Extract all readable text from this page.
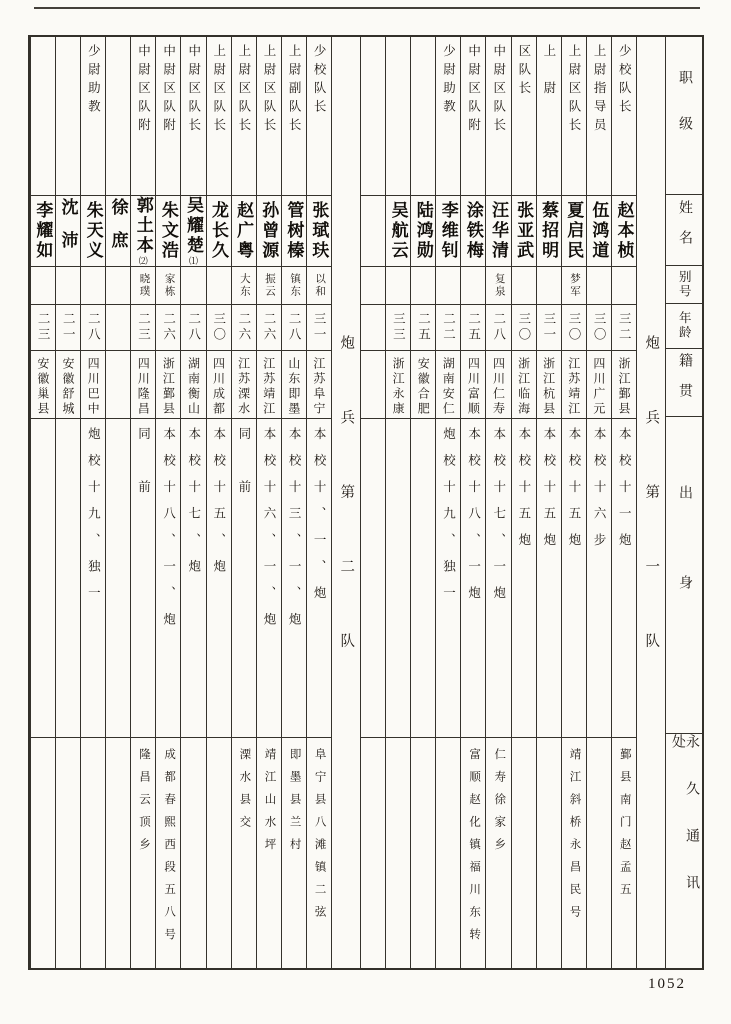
职级
姓名
别号
年龄
籍贯
出身
永久通讯处
炮兵第一队
少校队长
赵本桢
三二
浙江鄞县
本校十一炮
鄞县南门赵孟五
上尉指导员
伍鸿道
三〇
四川广元
本校十六步
上尉区队长
夏启民
梦军
三〇
江苏靖江
本校十五炮
靖江斜桥永昌民号
上　尉
蔡招明
三一
浙江杭县
本校十五炮
区队长
张亚武
三〇
浙江临海
本校十五炮
中尉区队长
汪华清
复泉
二八
四川仁寿
本校十七、一炮
仁寿徐家乡
中尉区队附
涂铁梅
二五
四川富顺
本校十八、一炮
富顺赵化镇福川东转
少尉助教
李维钊
二二
湖南安仁
炮校十九、独一
陆鸿勋
二五
安徽合肥
吴航云
三三
浙江永康
炮兵第二队
少校队长
张珷玞
以和
三一
江苏阜宁
本校十、一、炮
阜宁县八滩镇二弦
上尉副队长
管树榛
镇东
二八
山东即墨
本校十三、一、炮
即墨县兰村
上尉区队长
孙曾源
振云
二六
江苏靖江
本校十六、一、炮
靖江山水坪
上尉区队长
赵广粤
大东
二六
江苏溧水
同　前
溧水县交
上尉区队长
龙长久
三〇
四川成都
本校十五、炮
中尉区队长
吴耀楚
⑴
二八
湖南衡山
本校十七、炮
中尉区队附
朱文浩
家栋
二六
浙江鄞县
本校十八、一、炮
成都春熙西段五八号
中尉区队附
郭土本
⑵
晓璞
二三
四川隆昌
同　前
隆昌云顶乡
徐庶
少尉助教
朱天义
二八
四川巴中
炮校十九、独一
沈沛
二一
安徽舒城
李耀如
二三
安徽巢县
1052
